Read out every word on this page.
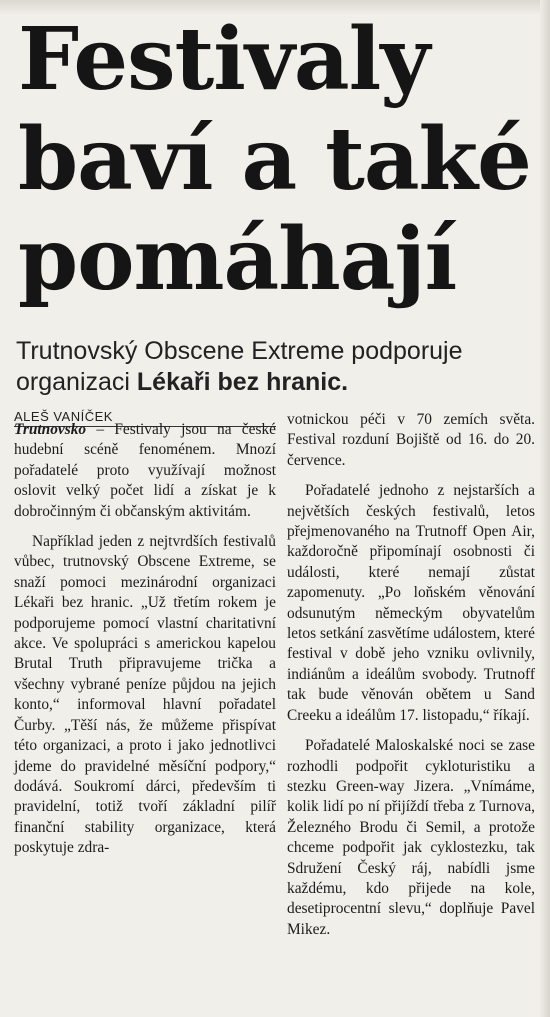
Festivaly
baví a také
pomáhají
Trutnovský Obscene Extreme podporuje organizaci Lékaři bez hranic.
ALEŠ VANÍČEK

Trutnovsko – Festivaly jsou na české hudební scéně fenoménem. Mnozí pořadatelé proto využívají možnost oslovit velký počet lidí a získat je k dobročinným či občanským aktivitám.

Například jeden z nejtvrdších festivalů vůbec, trutnovský Obscene Extreme, se snaží pomoci mezinárodní organizaci Lékaři bez hranic. „Už třetím rokem je podporujeme pomocí vlastní charitativní akce. Ve spolupráci s americkou kapelou Brutal Truth připravujeme trička a všechny vybrané peníze půjdou na jejich konto,“ informoval hlavní pořadatel Čurby. „Těší nás, že můžeme přispívat této organizaci, a proto i jako jednotlivci jdeme do pravidelné měsíční podpory,“ dodává. Soukromí dárci, především ti pravidelní, totiž tvoří základní pilíř finanční stability organizace, která poskytuje zdra-

votnickou péči v 70 zemích světa. Festival rozduní Bojiště od 16. do 20. července.

Pořadatelé jednoho z nejstarších a největších českých festivalů, letos přejmenovaného na Trutnoff Open Air, každoročně připomínají osobnosti či události, které nemají zůstat zapomenuty. „Po loňském věnování odsunutým německým obyvatelům letos setkání zasvětíme událostem, které festival v době jeho vzniku ovlivnily, indiánům a ideálům svobody. Trutnoff tak bude věnován obětem u Sand Creeku a ideálům 17. listopadu,“ říkají.

Pořadatelé Maloskalské noci se zase rozhodli podpořit cykloturistiku a stezku Green-way Jizera. „Vnímáme, kolik lidí po ní přijíždí třeba z Turnova, Železného Brodu či Semil, a protože chceme podpořit jak cyklostezku, tak Sdružení Český ráj, nabídli jsme každému, kdo přijede na kole, desetiprocentní slevu,“ doplňuje Pavel Mikez.
